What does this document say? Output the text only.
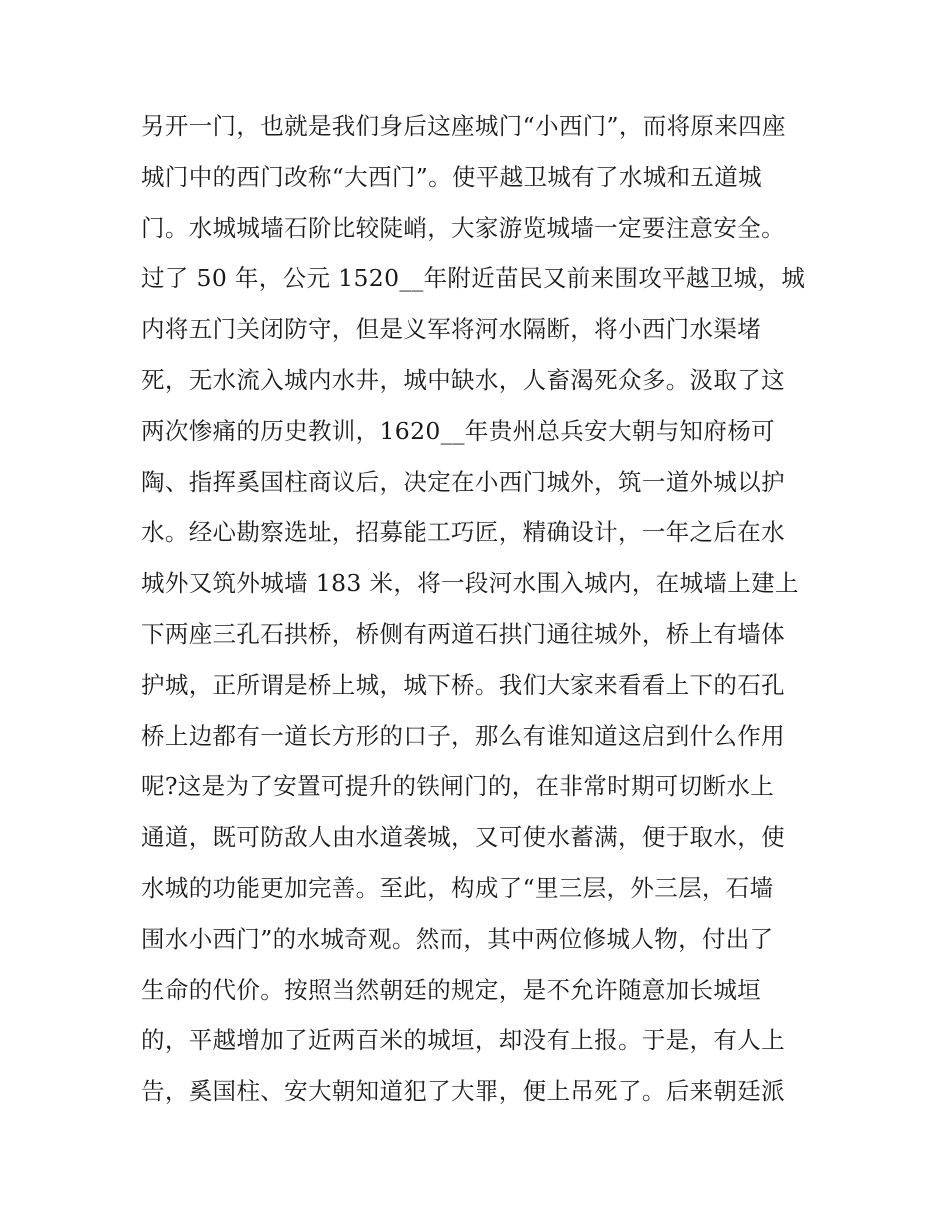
另开一门，也就是我们身后这座城门“小西门”，而将原来四座
城门中的西门改称“大西门”。使平越卫城有了水城和五道城
门。水城城墙石阶比较陡峭，大家游览城墙一定要注意安全。
过了 50 年，公元 1520__年附近苗民又前来围攻平越卫城，城
内将五门关闭防守，但是义军将河水隔断，将小西门水渠堵
死，无水流入城内水井，城中缺水，人畜渴死众多。汲取了这
两次惨痛的历史教训，1620__年贵州总兵安大朝与知府杨可
陶、指挥奚国柱商议后，决定在小西门城外，筑一道外城以护
水。经心勘察选址，招募能工巧匠，精确设计，一年之后在水
城外又筑外城墙 183 米，将一段河水围入城内，在城墙上建上
下两座三孔石拱桥，桥侧有两道石拱门通往城外，桥上有墙体
护城，正所谓是桥上城，城下桥。我们大家来看看上下的石孔
桥上边都有一道长方形的口子，那么有谁知道这启到什么作用
呢?这是为了安置可提升的铁闸门的，在非常时期可切断水上
通道，既可防敌人由水道袭城，又可使水蓄满，便于取水，使
水城的功能更加完善。至此，构成了“里三层，外三层，石墙
围水小西门”的水城奇观。然而，其中两位修城人物，付出了
生命的代价。按照当然朝廷的规定，是不允许随意加长城垣
的，平越增加了近两百米的城垣，却没有上报。于是，有人上
告，奚国柱、安大朝知道犯了大罪，便上吊死了。后来朝廷派
